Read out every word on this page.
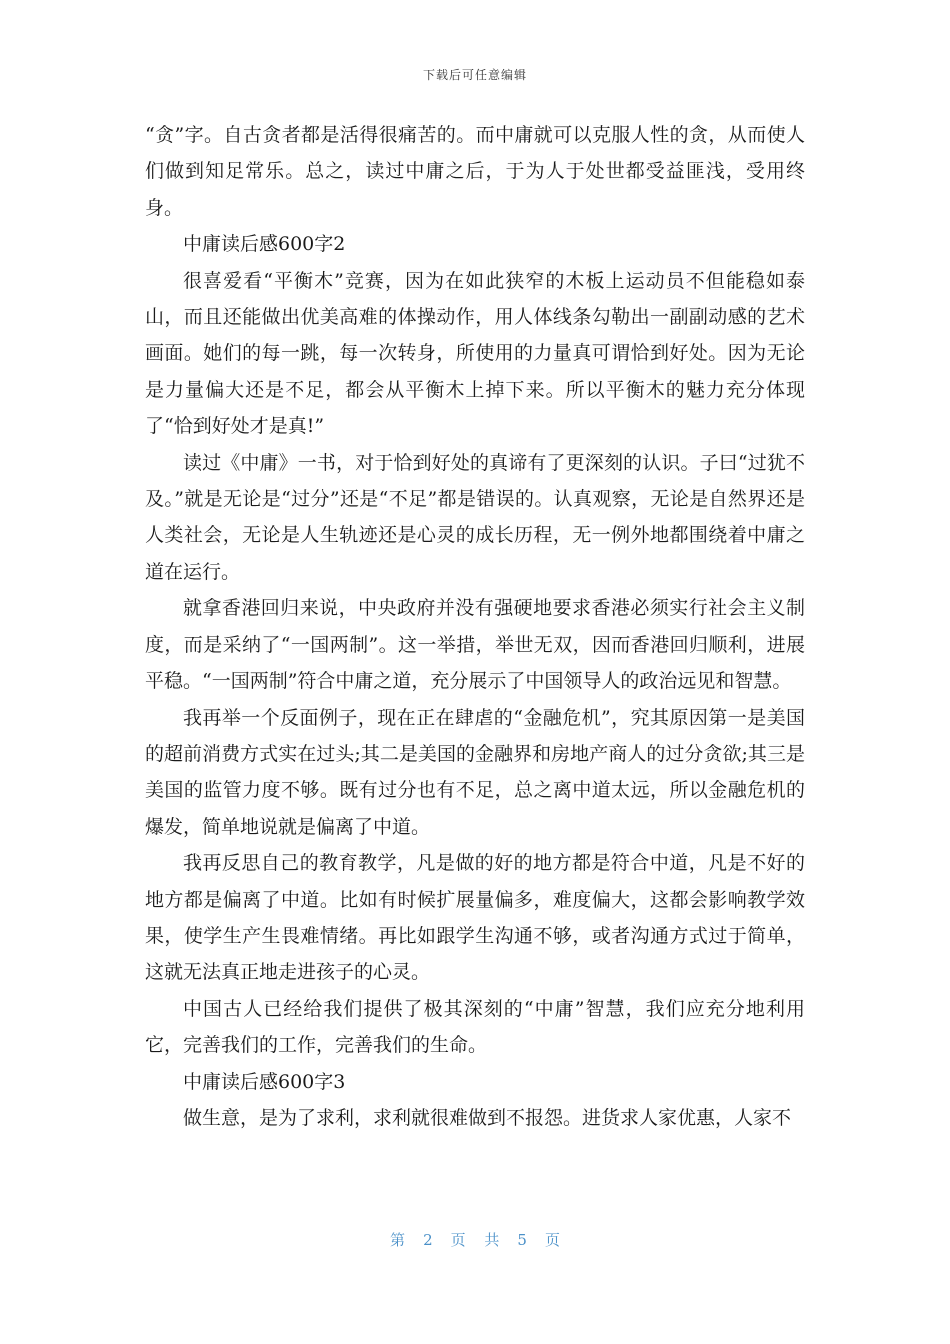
下载后可任意编辑

“贪”字。自古贪者都是活得很痛苦的。而中庸就可以克服人性的贪，从而使人们做到知足常乐。总之，读过中庸之后，于为人于处世都受益匪浅，受用终身。

中庸读后感600字2

很喜爱看“平衡木”竞赛，因为在如此狭窄的木板上运动员不但能稳如泰山，而且还能做出优美高难的体操动作，用人体线条勾勒出一副副动感的艺术画面。她们的每一跳，每一次转身，所使用的力量真可谓恰到好处。因为无论是力量偏大还是不足，都会从平衡木上掉下来。所以平衡木的魅力充分体现了“恰到好处才是真!”

读过《中庸》一书，对于恰到好处的真谛有了更深刻的认识。子曰“过犹不及。”就是无论是“过分”还是“不足”都是错误的。认真观察，无论是自然界还是人类社会，无论是人生轨迹还是心灵的成长历程，无一例外地都围绕着中庸之道在运行。

就拿香港回归来说，中央政府并没有强硬地要求香港必须实行社会主义制度，而是采纳了“一国两制”。这一举措，举世无双，因而香港回归顺利，进展平稳。“一国两制”符合中庸之道，充分展示了中国领导人的政治远见和智慧。

我再举一个反面例子，现在正在肆虐的“金融危机”，究其原因第一是美国的超前消费方式实在过头;其二是美国的金融界和房地产商人的过分贪欲;其三是美国的监管力度不够。既有过分也有不足，总之离中道太远，所以金融危机的爆发，简单地说就是偏离了中道。

我再反思自己的教育教学，凡是做的好的地方都是符合中道，凡是不好的地方都是偏离了中道。比如有时候扩展量偏多，难度偏大，这都会影响教学效果，使学生产生畏难情绪。再比如跟学生沟通不够，或者沟通方式过于简单，这就无法真正地走进孩子的心灵。

中国古人已经给我们提供了极其深刻的“中庸”智慧，我们应充分地利用它，完善我们的工作，完善我们的生命。

中庸读后感600字3

做生意，是为了求利，求利就很难做到不报怨。进货求人家优惠，人家不

第 2 页 共 5 页
